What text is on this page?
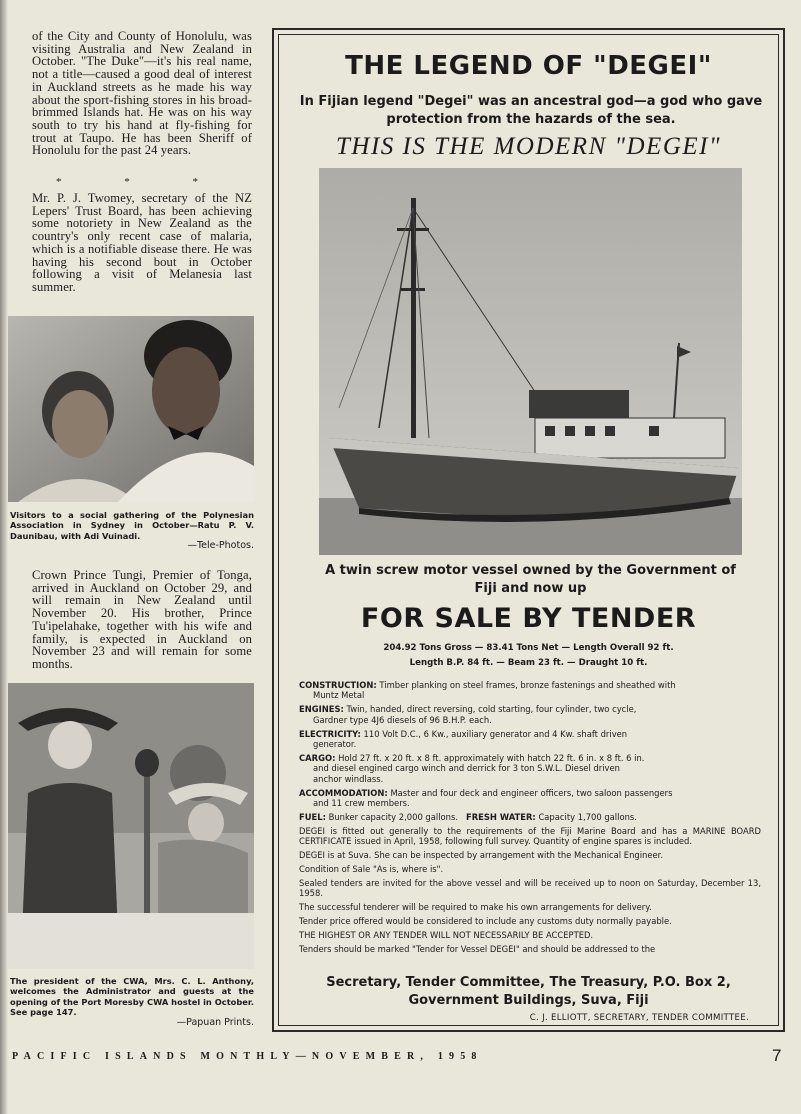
of the City and County of Honolulu, was visiting Australia and New Zealand in October. "The Duke"—it's his real name, not a title—caused a good deal of interest in Auckland streets as he made his way about the sport-fishing stores in his broad-brimmed Islands hat. He was on his way south to try his hand at fly-fishing for trout at Taupo. He has been Sheriff of Honolulu for the past 24 years.
* * *
Mr. P. J. Twomey, secretary of the NZ Lepers' Trust Board, has been achieving some notoriety in New Zealand as the country's only recent case of malaria, which is a notifiable disease there. He was having his second bout in October following a visit of Melanesia last summer.
Visitors to a social gathering of the Polynesian Association in Sydney in October—Ratu P. V. Daunibau, with Adi Vuinadi.
—Tele-Photos.
Crown Prince Tungi, Premier of Tonga, arrived in Auckland on October 29, and will remain in New Zealand until November 20. His brother, Prince Tu'ipelahake, together with his wife and family, is expected in Auckland on November 23 and will remain for some months.
The president of the CWA, Mrs. C. L. Anthony, welcomes the Administrator and guests at the opening of the Port Moresby CWA hostel in October. See page 147.
—Papuan Prints.
THE LEGEND OF "DEGEI"
In Fijian legend "Degei" was an ancestral god—a god who gave protection from the hazards of the sea.
THIS IS THE MODERN "DEGEI"
A twin screw motor vessel owned by the Government of Fiji and now up
FOR SALE BY TENDER
204.92 Tons Gross — 83.41 Tons Net — Length Overall 92 ft.
Length B.P. 84 ft. — Beam 23 ft. — Draught 10 ft.
CONSTRUCTION: Timber planking on steel frames, bronze fastenings and sheathed with
Muntz Metal
ENGINES: Twin, handed, direct reversing, cold starting, four cylinder, two cycle,
Gardner type 4J6 diesels of 96 B.H.P. each.
ELECTRICITY: 110 Volt D.C., 6 Kw., auxiliary generator and 4 Kw. shaft driven
generator.
CARGO: Hold 27 ft. x 20 ft. x 8 ft. approximately with hatch 22 ft. 6 in. x 8 ft. 6 in.
and diesel engined cargo winch and derrick for 3 ton S.W.L. Diesel driven
anchor windlass.
ACCOMMODATION: Master and four deck and engineer officers, two saloon passengers
and 11 crew members.
FUEL: Bunker capacity 2,000 gallons. FRESH WATER: Capacity 1,700 gallons.
DEGEI is fitted out generally to the requirements of the Fiji Marine Board and has a MARINE BOARD CERTIFICATE issued in April, 1958, following full survey. Quantity of engine spares is included.
DEGEI is at Suva. She can be inspected by arrangement with the Mechanical Engineer.
Condition of Sale "As is, where is".
Sealed tenders are invited for the above vessel and will be received up to noon on Saturday, December 13, 1958.
The successful tenderer will be required to make his own arrangements for delivery.
Tender price offered would be considered to include any customs duty normally payable.
THE HIGHEST OR ANY TENDER WILL NOT NECESSARILY BE ACCEPTED.
Tenders should be marked "Tender for Vessel DEGEI" and should be addressed to the
Secretary, Tender Committee, The Treasury, P.O. Box 2,
Government Buildings, Suva, Fiji
C. J. ELLIOTT, SECRETARY, TENDER COMMITTEE.
PACIFIC ISLANDS MONTHLY—NOVEMBER, 1958	7
